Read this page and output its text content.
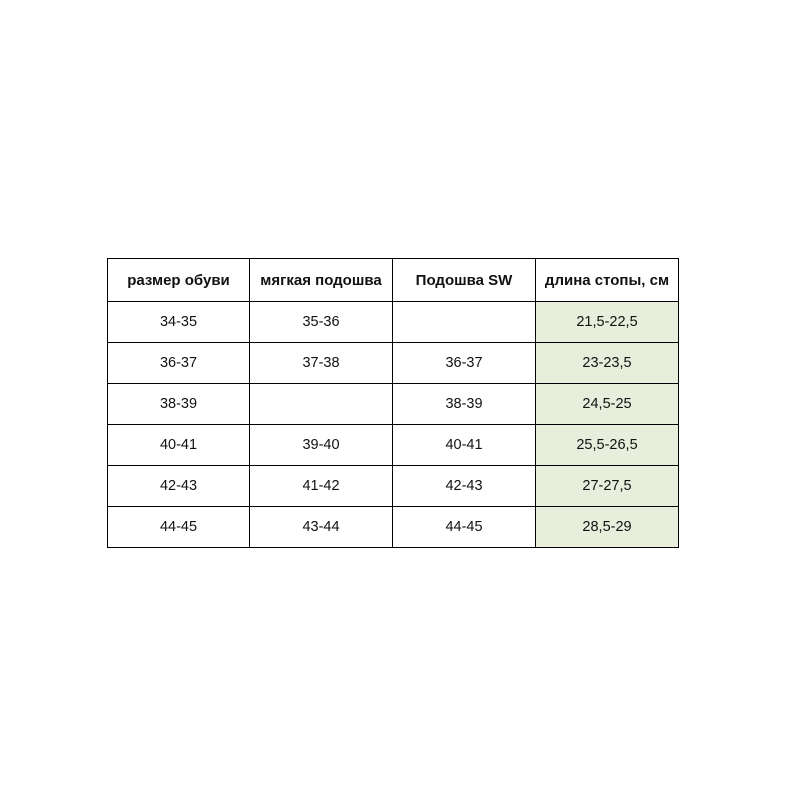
размер обуви	мягкая подошва	Подошва SW	длина стопы, см
34-35	35-36		21,5-22,5
36-37	37-38	36-37	23-23,5
38-39		38-39	24,5-25
40-41	39-40	40-41	25,5-26,5
42-43	41-42	42-43	27-27,5
44-45	43-44	44-45	28,5-29
